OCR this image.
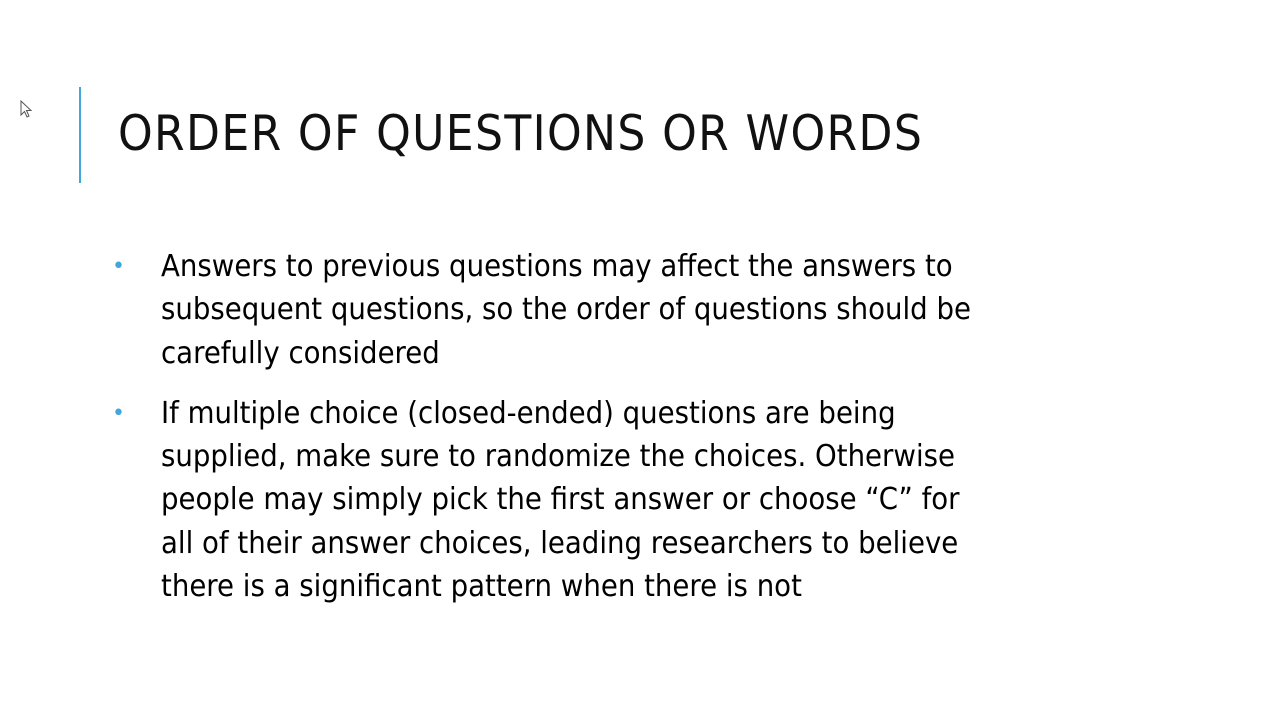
ORDER OF QUESTIONS OR WORDS
• Answers to previous questions may affect the answers to
subsequent questions, so the order of questions should be
carefully considered
• If multiple choice (closed-ended) questions are being
supplied, make sure to randomize the choices. Otherwise
people may simply pick the first answer or choose “C” for
all of their answer choices, leading researchers to believe
there is a significant pattern when there is not
